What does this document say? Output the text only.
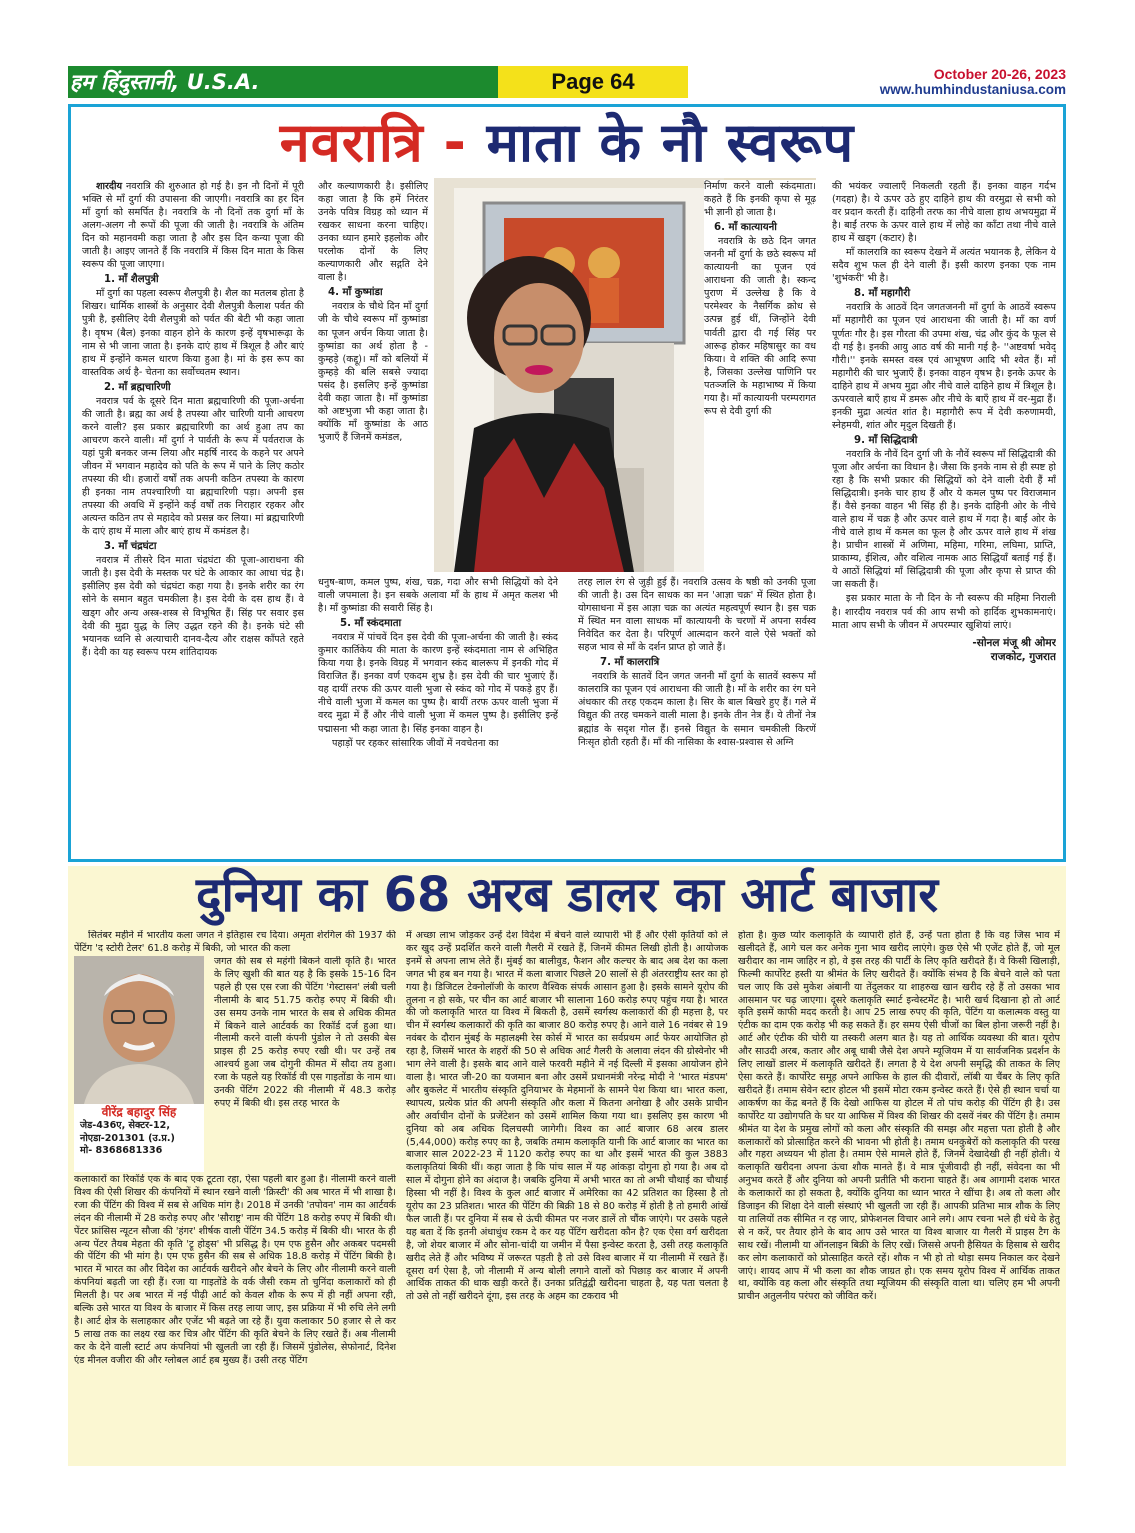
हम हिंदुस्तानी, U.S.A.	Page 64	October 20-26, 2023
www.humhindustaniusa.com
नवरात्रि - माता के नौ स्वरूप

शारदीय नवरात्रि की शुरुआत हो गई है। इन नौ दिनों में पूरी भक्ति से माँ दुर्गा की उपासना की जाएगी। नवरात्रि का हर दिन माँ दुर्गा को समर्पित है। नवरात्रि के नौ दिनों तक दुर्गा माँ के अलग-अलग नौ रूपों की पूजा की जाती है। नवरात्रि के अंतिम दिन को महानवमी कहा जाता है और इस दिन कन्या पूजा की जाती है। आइए जानते हैं कि नवरात्रि में किस दिन माता के किस स्वरूप की पूजा जाएगा।

1. माँ शैलपुत्री

माँ दुर्गा का पहला स्वरूप शैलपुत्री है। शैल का मतलब होता है शिखर। धार्मिक शास्त्रों के अनुसार देवी शैलपुत्री कैलाश पर्वत की पुत्री है, इसीलिए देवी शैलपुत्री को पर्वत की बेटी भी कहा जाता है। वृषभ (बैल) इनका वाहन होने के कारण इन्हें वृषभारूढ़ा के नाम से भी जाना जाता है। इनके दाएं हाथ में त्रिशूल है और बाएं हाथ में इन्होंने कमल धारण किया हुआ है। मां के इस रूप का वास्तविक अर्थ है- चेतना का सर्वोच्चतम स्थान।

2. माँ ब्रह्मचारिणी

नवरात्र पर्व के दूसरे दिन माता ब्रह्मचारिणी की पूजा-अर्चना की जाती है। ब्रह्म का अर्थ है तपस्या और चारिणी यानी आचरण करने वाली? इस प्रकार ब्रह्मचारिणी का अर्थ हुआ तप का आचरण करने वाली। माँ दुर्गा ने पार्वती के रूप में पर्वतराज के यहां पुत्री बनकर जन्म लिया और महर्षि नारद के कहने पर अपने जीवन में भगवान महादेव को पति के रूप में पाने के लिए कठोर तपस्या की थी। हजारों वर्षों तक अपनी कठिन तपस्या के कारण ही इनका नाम तपश्चारिणी या ब्रह्मचारिणी पड़ा। अपनी इस तपस्या की अवधि में इन्होंने कई वर्षों तक निराहार रहकर और अत्यन्त कठिन तप से महादेव को प्रसन्न कर लिया। मां ब्रह्मचारिणी के दाएं हाथ में माला और बाएं हाथ में कमंडल है।

3. माँ चंद्रघंटा

नवरात्र में तीसरे दिन माता चंद्रघंटा की पूजा-आराधना की जाती है। इस देवी के मस्तक पर घंटे के आकार का आधा चंद्र है। इसीलिए इस देवी को चंद्रघंटा कहा गया है। इनके शरीर का रंग सोने के समान बहुत चमकीला है। इस देवी के दस हाथ हैं। वे खड्ग और अन्य अस्त्र-शस्त्र से विभूषित हैं। सिंह पर सवार इस देवी की मुद्रा युद्ध के लिए उद्धत रहने की है। इनके घंटे सी भयानक ध्वनि से अत्याचारी दानव-दैत्य और राक्षस काँपते रहते हैं। देवी का यह स्वरूप परम शांतिदायक

और कल्याणकारी है। इसीलिए कहा जाता है कि हमें निरंतर उनके पवित्र विग्रह को ध्यान में रखकर साधना करना चाहिए। उनका ध्यान हमारे इहलोक और परलोक दोनों के लिए कल्याणकारी और सद्गति देने वाला है।

4. माँ कुष्मांडा

नवरात्र के चौथे दिन माँ दुर्गा जी के चौथे स्वरूप माँ कुष्मांडा का पूजन अर्चन किया जाता है। कुष्मांडा का अर्थ होता है - कुम्हड़े (कद्दू)। माँ को बलियों में कुम्हड़े की बलि सबसे ज्यादा पसंद है। इसलिए इन्हें कुष्मांडा देवी कहा जाता है। माँ कुष्मांडा को अष्टभुजा भी कहा जाता है। क्योंकि माँ कुष्मांडा के आठ भुजाएँ हैं जिनमें कमंडल,

धनुष-बाण, कमल पुष्प, शंख, चक्र, गदा और सभी सिद्धियों को देने वाली जपमाला है। इन सबके अलावा माँ के हाथ में अमृत कलश भी है। माँ कुष्मांडा की सवारी सिंह है।

5. माँ स्कंदमाता

नवरात्र में पांचवें दिन इस देवी की पूजा-अर्चना की जाती है। स्कंद कुमार कार्तिकेय की माता के कारण इन्हें स्कंदमाता नाम से अभिहित किया गया है। इनके विग्रह में भगवान स्कंद बालरूप में इनकी गोद में विराजित हैं। इनका वर्ण एकदम शुभ्र है। इस देवी की चार भुजाएं हैं। यह दायीं तरफ की ऊपर वाली भुजा से स्कंद को गोद में पकड़े हुए हैं। नीचे वाली भुजा में कमल का पुष्प है। बायीं तरफ ऊपर वाली भुजा में वरद मुद्रा में हैं और नीचे वाली भुजा में कमल पुष्प है। इसीलिए इन्हें पद्मासना भी कहा जाता है। सिंह इनका वाहन है।

पहाड़ों पर रहकर सांसारिक जीवों में नवचेतना का

निर्माण करने वाली स्कंदमाता। कहते हैं कि इनकी कृपा से मूढ़ भी ज्ञानी हो जाता है।

6. माँ कात्यायनी

नवरात्रि के छठे दिन जगत जननी माँ दुर्गा के छठे स्वरूप माँ कात्यायनी का पूजन एवं आराधना की जाती है। स्कन्द पुराण में उल्लेख है कि वे परमेश्वर के नैसर्गिक क्रोध से उत्पन्न हुई थीं, जिन्होंने देवी पार्वती द्वारा दी गई सिंह पर आरूढ़ होकर महिषासुर का वध किया। वे शक्ति की आदि रूपा है, जिसका उल्लेख पाणिनि पर पतञ्जलि के महाभाष्य में किया गया है। माँ कात्यायनी परम्परागत रूप से देवी दुर्गा की

तरह लाल रंग से जुड़ी हुई हैं। नवरात्रि उत्सव के षष्ठी को उनकी पूजा की जाती है। उस दिन साधक का मन 'आज्ञा चक्र' में स्थित होता है। योगसाधना में इस आज्ञा चक्र का अत्यंत महत्वपूर्ण स्थान है। इस चक्र में स्थित मन वाला साधक माँ कात्यायनी के चरणों में अपना सर्वस्व निवेदित कर देता है। परिपूर्ण आत्मदान करने वाले ऐसे भक्तों को सहज भाव से माँ के दर्शन प्राप्त हो जाते हैं।

7. माँ कालरात्रि

नवरात्रि के सातवें दिन जगत जननी माँ दुर्गा के सातवें स्वरूप माँ कालरात्रि का पूजन एवं आराधना की जाती है। माँ के शरीर का रंग घने अंधकार की तरह एकदम काला है। सिर के बाल बिखरे हुए हैं। गले में विद्युत की तरह चमकने वाली माला है। इनके तीन नेत्र हैं। ये तीनों नेत्र ब्रह्मांड के सदृश गोल हैं। इनसे विद्युत के समान चमकीली किरणें निःसृत होती रहती हैं। माँ की नासिका के श्वास-प्रश्वास से अग्नि

की भयंकर ज्वालाएँ निकलती रहती हैं। इनका वाहन गर्दभ (गदहा) है। ये ऊपर उठे हुए दाहिने हाथ की वरमुद्रा से सभी को वर प्रदान करती हैं। दाहिनी तरफ का नीचे वाला हाथ अभयमुद्रा में है। बाईं तरफ के ऊपर वाले हाथ में लोहे का काँटा तथा नीचे वाले हाथ में खड्ग (कटार) है।

माँ कालरात्रि का स्वरूप देखने में अत्यंत भयानक है, लेकिन ये सदैव शुभ फल ही देने वाली हैं। इसी कारण इनका एक नाम 'शुभंकरी' भी है।

8. माँ महागौरी

नवरात्रि के आठवें दिन जगतजननी माँ दुर्गा के आठवें स्वरूप माँ महागौरी का पूजन एवं आराधना की जाती है। माँ का वर्ण पूर्णतः गौर है। इस गौरता की उपमा शंख, चंद्र और कुंद के फूल से दी गई है। इनकी आयु आठ वर्ष की मानी गई है- ''अष्टवर्षा भवेद् गौरी।'' इनके समस्त वस्त्र एवं आभूषण आदि भी श्वेत हैं। माँ महागौरी की चार भुजाएँ हैं। इनका वाहन वृषभ है। इनके ऊपर के दाहिने हाथ में अभय मुद्रा और नीचे वाले दाहिने हाथ में त्रिशूल है। ऊपरवाले बाएँ हाथ में डमरू और नीचे के बाएँ हाथ में वर-मुद्रा हैं। इनकी मुद्रा अत्यंत शांत है। महागौरी रूप में देवी करुणामयी, स्नेहमयी, शांत और मृदुल दिखती हैं।

9. माँ सिद्धिदात्री

नवरात्रि के नौवें दिन दुर्गा जी के नौवें स्वरूप माँ सिद्धिदात्री की पूजा और अर्चना का विधान है। जैसा कि इनके नाम से ही स्पष्ट हो रहा है कि सभी प्रकार की सिद्धियों को देने वाली देवी हैं माँ सिद्धिदात्री। इनके चार हाथ हैं और ये कमल पुष्प पर विराजमान हैं। वैसे इनका वाहन भी सिंह ही है। इनके दाहिनी ओर के नीचे वाले हाथ में चक्र है और ऊपर वाले हाथ में गदा है। बाईं ओर के नीचे वाले हाथ में कमल का फूल है और ऊपर वाले हाथ में शंख है। प्राचीन शास्त्रों में अणिमा, महिमा, गरिमा, लघिमा, प्राप्ति, प्राकाम्य, ईशित्व, और वशित्व नामक आठ सिद्धियाँ बताई गई हैं। ये आठों सिद्धियां माँ सिद्धिदात्री की पूजा और कृपा से प्राप्त की जा सकती हैं।

इस प्रकार माता के नौ दिन के नौ स्वरूप की महिमा निराली है। शारदीय नवरात्र पर्व की आप सभी को हार्दिक शुभकामनाएं। माता आप सभी के जीवन में अपरम्पार खुशियां लाएं।

-सोनल मंजू श्री ओमर
राजकोट, गुजरात
दुनिया का 68 अरब डालर का आर्ट बाजार

सितंबर महीने में भारतीय कला जगत ने इतिहास रच दिया। अमृता शेरगिल की 1937 की पेंटिंग 'द स्टोरी टेलर' 61.8 करोड़ में बिकी, जो भारत की कला

वीरेंद्र बहादुर सिंह
जेड-436ए, सेक्टर-12,
नोएडा-201301 (उ.प्र.)
मो- 8368681336

जगत की सब से महंगी बिकने वाली कृति है। भारत के लिए खुशी की बात यह है कि इसके 15-16 दिन पहले ही एस एस रजा की पेंटिंग 'गेस्टासन' लंबी चली नीलामी के बाद 51.75 करोड़ रुपए में बिकी थी। उस समय उनके नाम भारत के सब से अधिक कीमत में बिकने वाले आर्टवर्क का रिकॉर्ड दर्ज हुआ था। नीलामी करने वाली कंपनी पुंडोल ने तो उसकी बेस प्राइस ही 25 करोड़ रुपए रखी थी। पर उन्हें तब आश्चर्य हुआ जब दोगुनी कीमत में सौदा तय हुआ। रजा के पहले यह रिकॉर्ड वी एस गाइतोंडा के नाम था। उनकी पेंटिंग 2022 की नीलामी में 48.3 करोड़ रुपए में बिकी थी। इस तरह भारत के

कलाकारों का रिकॉर्ड एक के बाद एक टूटता रहा, ऐसा पहली बार हुआ है। नीलामी करने वाली विश्व की ऐसी शिखर की कंपनियों में स्थान रखने वाली 'क्रिस्टी' की अब भारत में भी शाखा है। रजा की पेंटिंग की विश्व में सब से अधिक मांग है। 2018 में उनकी 'तपोवन' नाम का आर्टवर्क लंदन की नीलामी में 28 करोड़ रुपए और 'सौराष्ट्र' नाम की पेंटिंग 18 करोड़ रुपए में बिकी थी। पेंटर फ्रांसिस न्यूटन सौजा की 'हंगर' शीर्षक वाली पेंटिंग 34.5 करोड़ में बिकी थी। भारत के ही अन्य पेंटर तैयब मेहता की कृति 'ट्रू होड्स' भी प्रसिद्ध है। एम एफ हुसैन और अकबर पदमसी की पेंटिंग की भी मांग है। एम एफ हुसैन की सब से अधिक 18.8 करोड़ में पेंटिंग बिकी है। भारत में भारत का और विदेश का आर्टवर्क खरीदने और बेचने के लिए और नीलामी करने वाली कंपनियां बढ़ती जा रही हैं। रजा या गाइतोंडे के वर्क जैसी रकम तो चुनिंदा कलाकारों को ही मिलती है। पर अब भारत में नई पीढ़ी आर्ट को केवल शौक के रूप में ही नहीं अपना रही, बल्कि उसे भारत या विश्व के बाजार में किस तरह लाया जाए, इस प्रक्रिया में भी रुचि लेने लगी है। आर्ट क्षेत्र के सलाहकार और एजेंट भी बढ़ते जा रहे हैं। युवा कलाकार 50 हजार से ले कर 5 लाख तक का लक्ष्य रख कर चित्र और पेंटिंग की कृति बेचने के लिए रखते हैं। अब नीलामी कर के देने वाली स्टार्ट अप कंपनियां भी खुलती जा रही हैं। जिसमें पुंडोलेस, सेफोनार्ट, दिनेश एंड मीनल वजीरा की और ग्लोबल आर्ट हब मुख्य हैं। उसी तरह पेंटिंग

में अच्छा लाभ जोड़कर उन्हें देश विदेश में बेचने वाले व्यापारी भी हैं और ऐसी कृतियों को ले कर खुद उन्हें प्रदर्शित करने वाली गैलरी में रखते हैं, जिनमें कीमत लिखी होती है। आयोजक इनमें से अपना लाभ लेते हैं। मुंबई का बालीवुड, फैशन और कल्चर के बाद अब देश का कला जगत भी हब बन गया है। भारत में कला बाजार पिछले 20 सालों से ही अंतरराष्ट्रीय स्तर का हो गया है। डिजिटल टेक्नोलॉजी के कारण वैश्विक संपर्क आसान हुआ है। इसके सामने यूरोप की तुलना न हो सके, पर चीन का आर्ट बाजार भी सालाना 160 करोड़ रुपए पहुंच गया है। भारत की जो कलाकृति भारत या विश्व में बिकती है, उसमें स्वर्गस्थ कलाकारों की ही महत्ता है, पर चीन में स्वर्गस्थ कलाकारों की कृति का बाजार 80 करोड़ रुपए है। आने वाले 16 नवंबर से 19 नवंबर के दौरान मुंबई के महालक्ष्मी रेस कोर्स में भारत का सर्वप्रथम आर्ट फेयर आयोजित हो रहा है, जिसमें भारत के शहरों की 50 से अधिक आर्ट गैलरी के अलावा लंदन की ग्रोस्वेनोर भी भाग लेने वाली है। इसके बाद आने वाले फरवरी महीने में नई दिल्ली में इसका आयोजन होने वाला है। भारत जी-20 का यजमान बना और उसमें प्रधानमंत्री नरेन्द्र मोदी ने 'भारत मंडपम' और बुकलेट में भारतीय संस्कृति दुनियाभर के मेहमानों के सामने पेश किया था। भारत कला, स्थापत्य, प्रत्येक प्रांत की अपनी संस्कृति और कला में कितना अनोखा है और उसके प्राचीन और अर्वाचीन दोनों के प्रजेंटेशन को उसमें शामिल किया गया था। इसलिए इस कारण भी दुनिया को अब अधिक दिलचस्पी जागेगी। विश्व का आर्ट बाजार 68 अरब डालर (5,44,000) करोड़ रुपए का है, जबकि तमाम कलाकृति यानी कि आर्ट बाजार का भारत का बाजार साल 2022-23 में 1120 करोड़ रुपए का था और इसमें भारत की कुल 3883 कलाकृतियां बिकी थीं। कहा जाता है कि पांच साल में यह आंकड़ा दोगुना हो गया है। अब दो साल में दोगुना होने का अंदाज है। जबकि दुनिया में अभी भारत का तो अभी चौथाई का चौथाई हिस्सा भी नहीं है। विश्व के कुल आर्ट बाजार में अमेरिका का 42 प्रतिशत का हिस्सा है तो यूरोप का 23 प्रतिशत। भारत की पेंटिंग की बिक्री 18 से 80 करोड़ में होती है तो हमारी आंखें फैल जाती हैं। पर दुनिया में सब से ऊंची कीमत पर नजर डालें तो चौंक जाएंगे। पर उसके पहले यह बता दें कि इतनी अंधाधुंध रकम दे कर यह पेंटिंग खरीदता कौन है? एक ऐसा वर्ग खरीदता है, जो शेयर बाजार में और सोना-चांदी या जमीन में पैसा इन्वेस्ट करता है, उसी तरह कलाकृति खरीद लेते हैं और भविष्य में जरूरत पड़ती है तो उसे विश्व बाजार में या नीलामी में रखते हैं। दूसरा वर्ग ऐसा है, जो नीलामी में अन्य बोली लगाने वालों को पिछाड़ कर बाजार में अपनी आर्थिक ताकत की धाक खड़ी करते हैं। उनका प्रतिद्वंद्वी खरीदना चाहता है, यह पता चलता है तो उसे तो नहीं खरीदने दूंगा, इस तरह के अहम का टकराव भी

होता है। कुछ प्योर कलाकृति के व्यापारी होते हैं, उन्हें पता होता है कि वह जिस भाव में खलीदते हैं, आगे चल कर अनेक गुना भाव खरीद लाएंगे। कुछ ऐसे भी एजेंट होते हैं, जो मूल खरीदार का नाम जाहिर न हो, वे इस तरह की पार्टी के लिए कृति खरीदते हैं। वे किसी खिलाड़ी, फिल्मी कार्पोरेट हस्ती या श्रीमंत के लिए खरीदते हैं। क्योंकि संभव है कि बेचने वाले को पता चल जाए कि उसे मुकेश अंबानी या तेंदुलकर या शाहरुख खान खरीद रहे हैं तो उसका भाव आसमान पर चढ़ जाएगा। दूसरे कलाकृति स्मार्ट इन्वेस्टमेंट है। भारी खर्च दिखाना हो तो आर्ट कृति इसमें काफी मदद करती है। आप 25 लाख रुपए की कृति, पेंटिंग या कलात्मक वस्तु या एंटीक का दाम एक करोड़ भी कह सकते हैं। हर समय ऐसी चीजों का बिल होना जरूरी नहीं है। आर्ट और एंटीक की चोरी या तस्करी अलग बात है। यह तो आर्थिक व्यवस्था की बात। यूरोप और साउदी अरब, कतार और अबू धाबी जैसे देश अपने म्यूजियम में या सार्वजनिक प्रदर्शन के लिए लाखों डालर में कलाकृति खरीदते हैं। लगता है ये देश अपनी समृद्धि की ताकत के लिए ऐसा करते हैं। कार्पोरेट समूह अपने आफिस के हाल की दीवारों, लॉबी या चैंबर के लिए कृति खरीदते हैं। तमाम सेवेन स्टार होटल भी इसमें मोटा रकम इन्वेस्ट करते हैं। ऐसे ही स्थान चर्चा या आकर्षण का केंद्र बनते हैं कि देखो आफिस या होटल में तो पांच करोड़ की पेंटिंग ही है। उस कार्पोरेट या उद्योगपति के घर या आफिस में विश्व की शिखर की दसवें नंबर की पेंटिंग है। तमाम श्रीमंत या देश के प्रमुख लोगों को कला और संस्कृति की समझ और महत्ता पता होती है और कलाकारों को प्रोत्साहित करने की भावना भी होती है। तमाम धनकुबेरों को कलाकृति की परख और गहरा अध्ययन भी होता है। तमाम ऐसे मामले होते हैं, जिनमें देखादेखी ही नहीं होती। ये कलाकृति खरीदना अपना ऊंचा शौक मानते हैं। वे मात्र पूंजीवादी ही नहीं, संवेदना का भी अनुभव करते हैं और दुनिया को अपनी प्रतीति भी कराना चाहते हैं। अब आगामी दशक भारत के कलाकारों का हो सकता है, क्योंकि दुनिया का ध्यान भारत ने खींचा है। अब तो कला और डिजाइन की शिक्षा देने वाली संस्थाएं भी खुलती जा रही हैं। आपकी प्रतिभा मात्र शौक के लिए या तालियों तक सीमित न रह जाए, प्रोफेशनल विचार आने लगे। आप रचना भले ही धंधे के हेतु से न करें, पर तैयार होने के बाद आप उसे भारत या विश्व बाजार या गैलरी में प्राइस टैग के साथ रखें। नीलामी या ऑनलाइन बिक्री के लिए रखें। जिससे अपनी हैसियत के हिसाब से खरीद कर लोग कलाकारों को प्रोत्साहित करते रहें। शौक न भी हो तो थोड़ा समय निकाल कर देखने जाएं। शायद आप में भी कला का शौक जाग्रत हो। एक समय यूरोप विश्व में आर्थिक ताकत था, क्योंकि वह कला और संस्कृति तथा म्यूजियम की संस्कृति वाला था। चलिए हम भी अपनी प्राचीन अतुलनीय परंपरा को जीवित करें।
